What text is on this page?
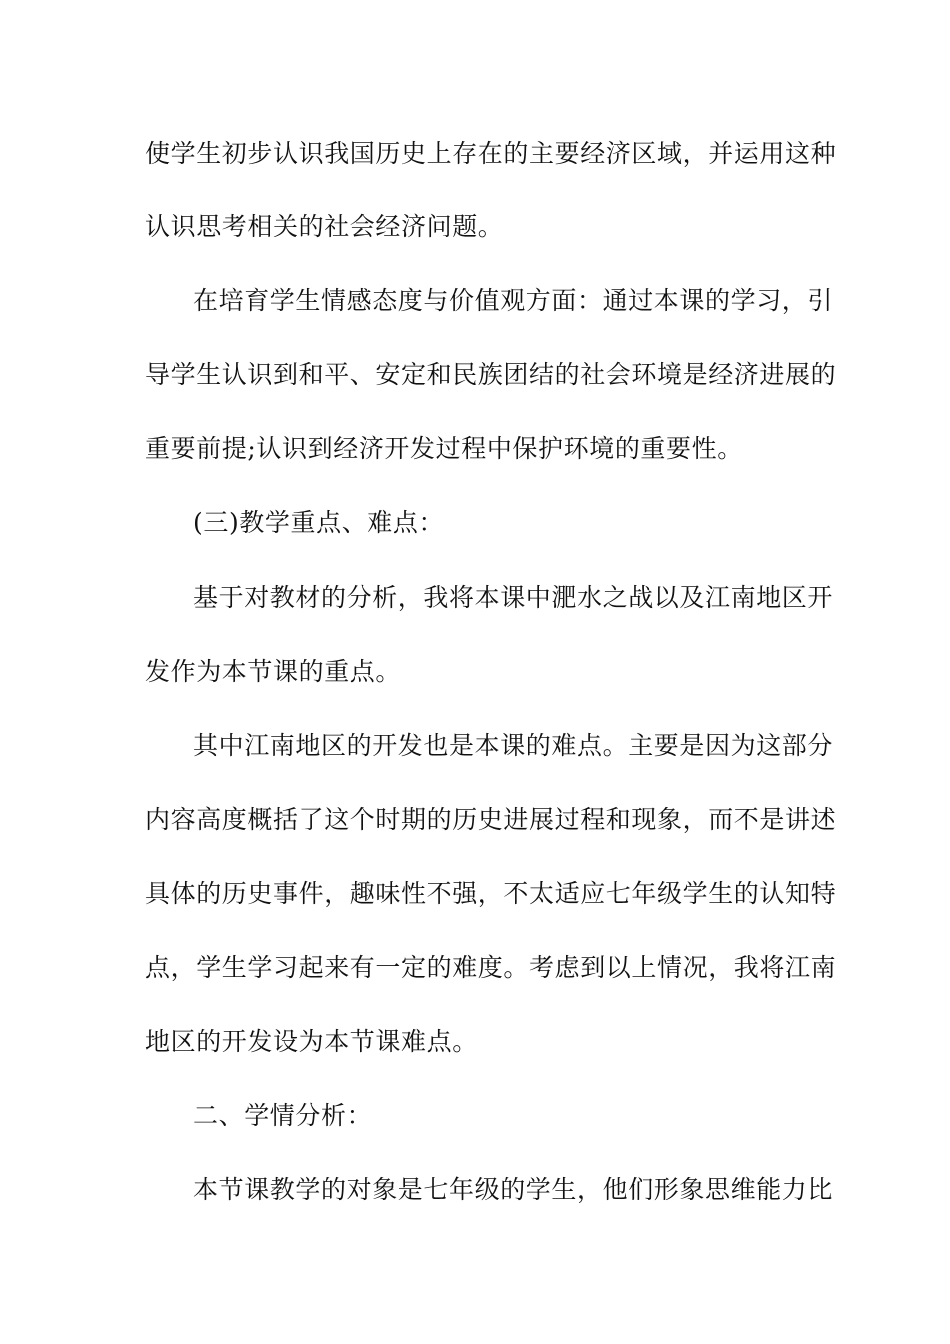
使学生初步认识我国历史上存在的主要经济区域，并运用这种
认识思考相关的社会经济问题。
在培育学生情感态度与价值观方面：通过本课的学习，引
导学生认识到和平、安定和民族团结的社会环境是经济进展的
重要前提;认识到经济开发过程中保护环境的重要性。
(三)教学重点、难点：
基于对教材的分析，我将本课中淝水之战以及江南地区开
发作为本节课的重点。
其中江南地区的开发也是本课的难点。主要是因为这部分
内容高度概括了这个时期的历史进展过程和现象，而不是讲述
具体的历史事件，趣味性不强，不太适应七年级学生的认知特
点，学生学习起来有一定的难度。考虑到以上情况，我将江南
地区的开发设为本节课难点。
二、学情分析：
本节课教学的对象是七年级的学生，他们形象思维能力比
